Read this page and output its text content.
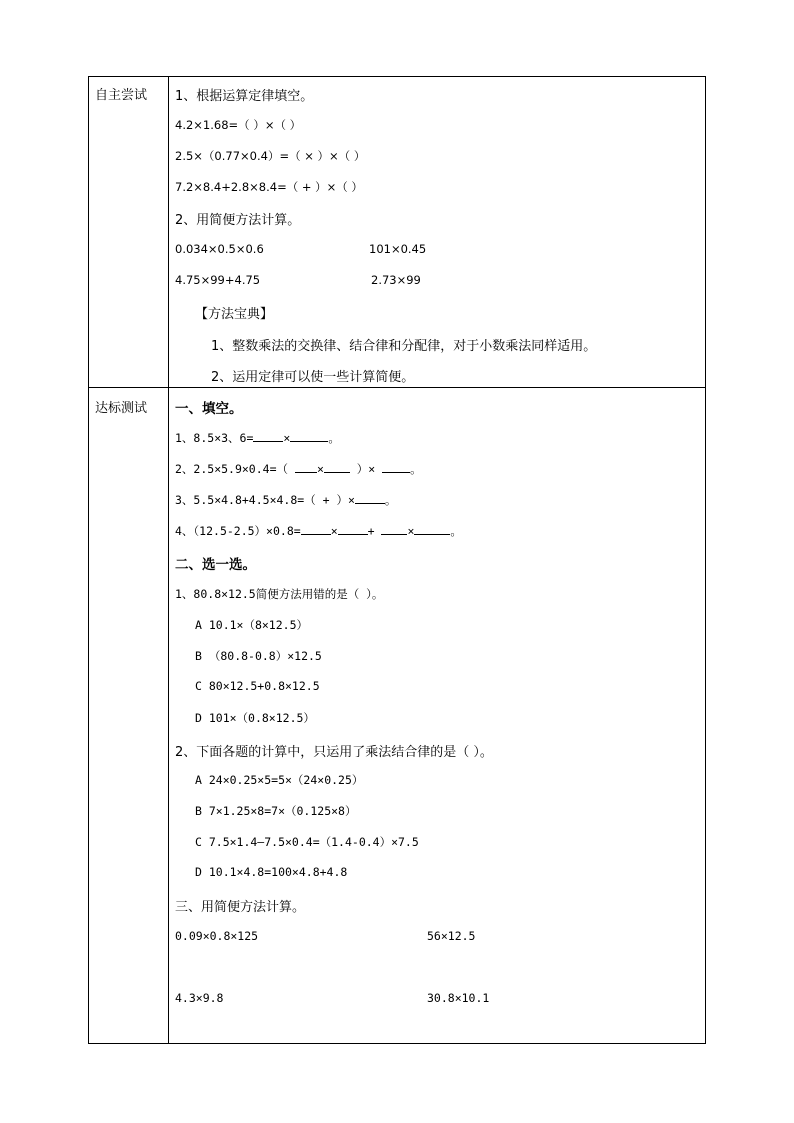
自主尝试 1、根据运算定律填空。
4.2×1.68=（ ）×（ ）
2.5×（0.77×0.4）=（ × ）×（ ）
7.2×8.4+2.8×8.4=（ + ）×（ ）
2、用简便方法计算。
0.034×0.5×0.6	101×0.45
4.75×99+4.75	2.73×99
【方法宝典】
1、整数乘法的交换律、结合律和分配律，对于小数乘法同样适用。
2、运用定律可以使一些计算简便。
达标测试 一、填空。
1、8.5×3、6=	×	。
2、2.5×5.9×0.4=（ × ）× 。
3、5.5×4.8+4.5×4.8=（ + ）×	。
4、（12.5-2.5）×0.8=	×	+ ×	。
二、选一选。
1、80.8×12.5简便方法用错的是（ ）。
A 10.1×（8×12.5）
B （80.8-0.8）×12.5
C 80×12.5+0.8×12.5
D 101×（0.8×12.5）
2、下面各题的计算中，只运用了乘法结合律的是（ ）。
A 24×0.25×5=5×（24×0.25）
B 7×1.25×8=7×（0.125×8）
C 7.5×1.4—7.5×0.4=（1.4-0.4）×7.5
D 10.1×4.8=100×4.8+4.8
三、用简便方法计算。
0.09×0.8×125	56×12.5
4.3×9.8	30.8×10.1
